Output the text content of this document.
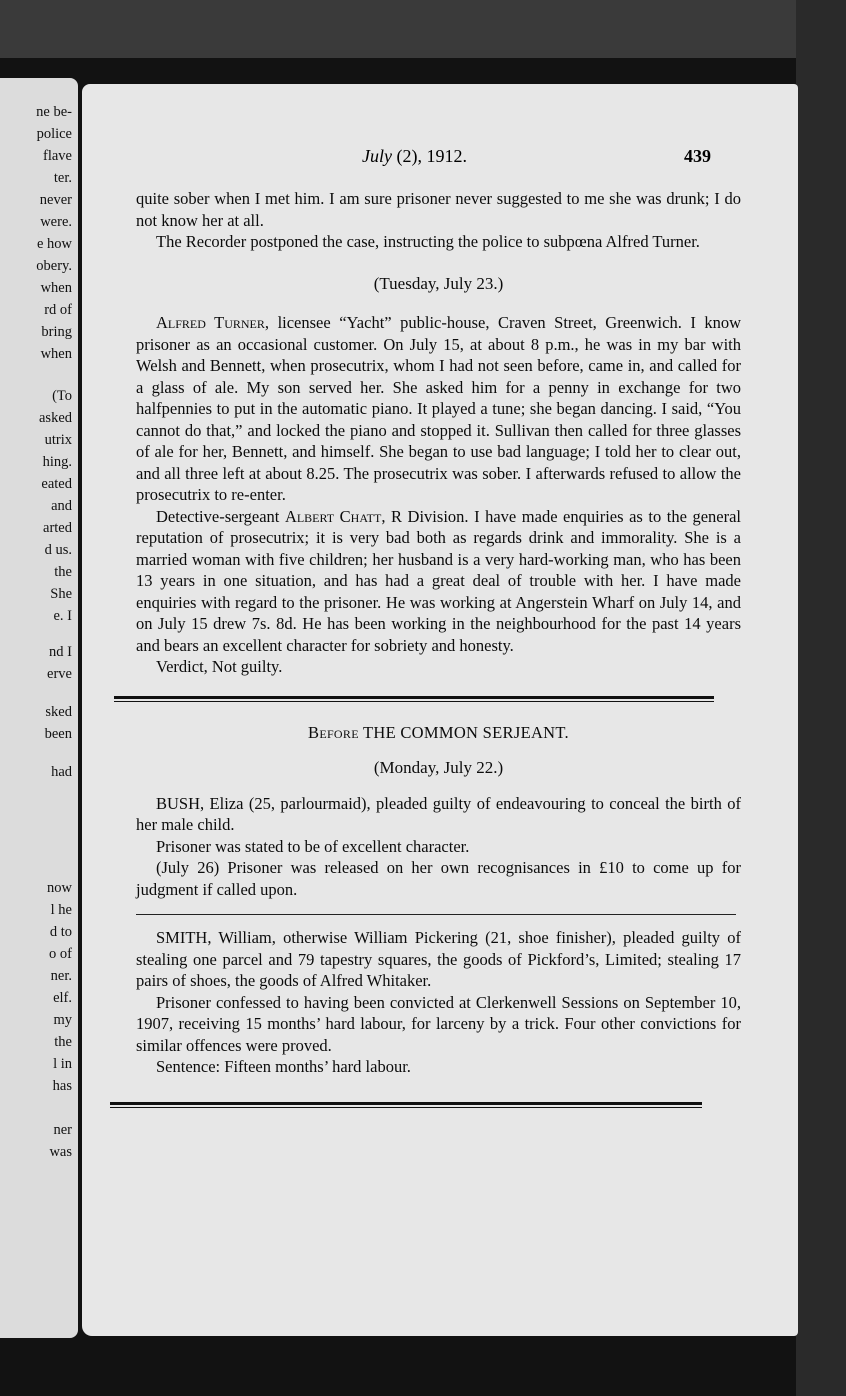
ne be-
police
flave
ter.
never
were.
e how
obery.
when
rd of
bring
when
(To
asked
utrix
hing.
eated
and
arted
d us.
the
She
e. I
nd I
erve
sked
been
had
now
l he
d to
o of
ner.
elf.
my
the
l in
has
ner
was
July (2), 1912.	439

quite sober when I met him. I am sure prisoner never suggested to me she was drunk; I do not know her at all.

The Recorder postponed the case, instructing the police to subpœna Alfred Turner.

(Tuesday, July 23.)

Alfred Turner, licensee “Yacht” public-house, Craven Street, Greenwich. I know prisoner as an occasional customer. On July 15, at about 8 p.m., he was in my bar with Welsh and Bennett, when prosecutrix, whom I had not seen before, came in, and called for a glass of ale. My son served her. She asked him for a penny in exchange for two halfpennies to put in the automatic piano. It played a tune; she began dancing. I said, “You cannot do that,” and locked the piano and stopped it. Sullivan then called for three glasses of ale for her, Bennett, and himself. She began to use bad language; I told her to clear out, and all three left at about 8.25. The prosecutrix was sober. I afterwards refused to allow the prosecutrix to re-enter.

Detective-sergeant Albert Chatt, R Division. I have made enquiries as to the general reputation of prosecutrix; it is very bad both as regards drink and immorality. She is a married woman with five children; her husband is a very hard-working man, who has been 13 years in one situation, and has had a great deal of trouble with her. I have made enquiries with regard to the prisoner. He was working at Angerstein Wharf on July 14, and on July 15 drew 7s. 8d. He has been working in the neighbourhood for the past 14 years and bears an excellent character for sobriety and honesty.

Verdict, Not guilty.

Before THE COMMON SERJEANT.

(Monday, July 22.)

BUSH, Eliza (25, parlourmaid), pleaded guilty of endeavouring to conceal the birth of her male child.

Prisoner was stated to be of excellent character.

(July 26) Prisoner was released on her own recognisances in £10 to come up for judgment if called upon.

SMITH, William, otherwise William Pickering (21, shoe finisher), pleaded guilty of stealing one parcel and 79 tapestry squares, the goods of Pickford’s, Limited; stealing 17 pairs of shoes, the goods of Alfred Whitaker.

Prisoner confessed to having been convicted at Clerkenwell Sessions on September 10, 1907, receiving 15 months’ hard labour, for larceny by a trick. Four other convictions for similar offences were proved.

Sentence: Fifteen months’ hard labour.
